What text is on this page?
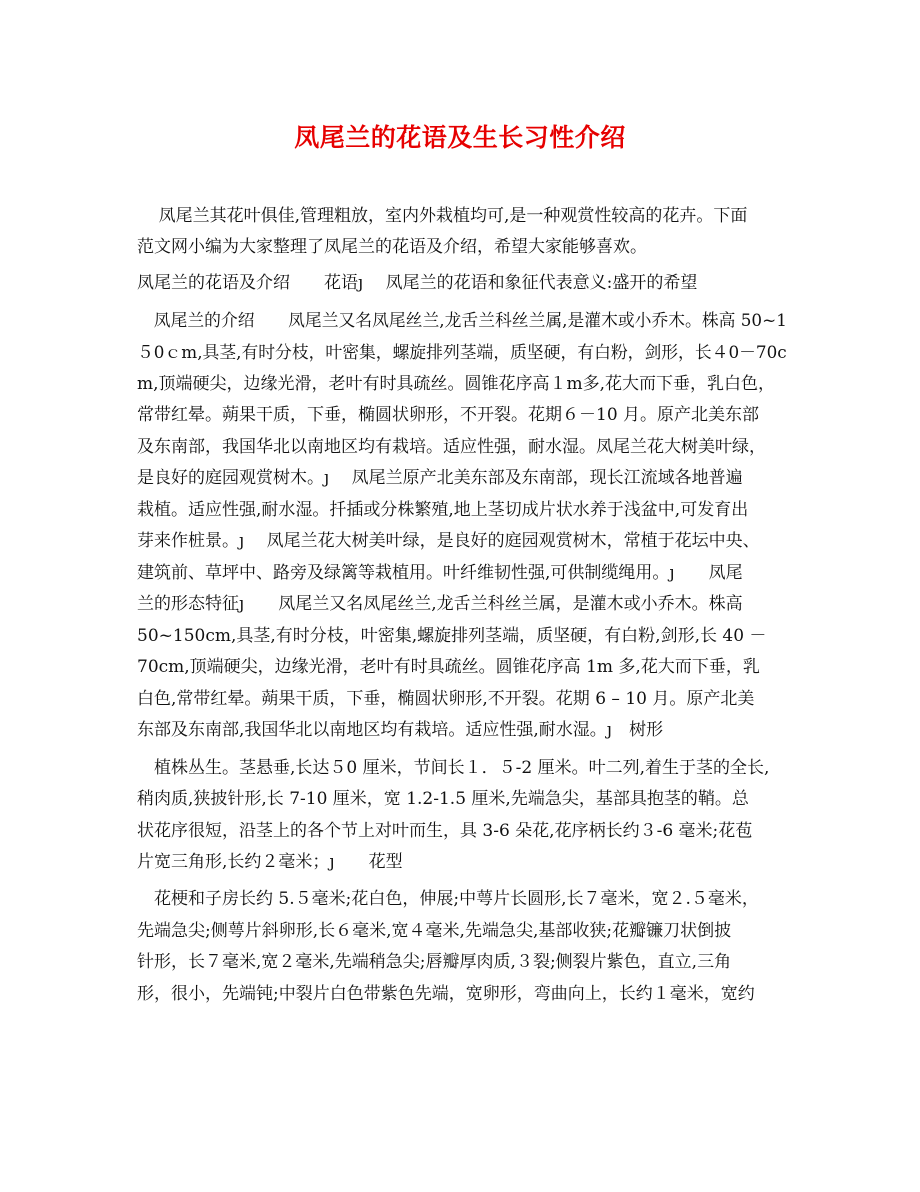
凤尾兰的花语及生长习性介绍
凤尾兰其花叶俱佳,管理粗放，室内外栽植均可,是一种观赏性较高的花卉。下面
范文网小编为大家整理了凤尾兰的花语及介绍，希望大家能够喜欢。
凤尾兰的花语及介绍　　花语ȷ　 凤尾兰的花语和象征代表意义:盛开的希望
　凤尾兰的介绍　　凤尾兰又名凤尾丝兰,龙舌兰科丝兰属,是灌木或小乔木。株高 50~1
５0ｃm,具茎,有时分枝，叶密集，螺旋排列茎端，质坚硬，有白粉，剑形，长４0－70c
m,顶端硬尖，边缘光滑，老叶有时具疏丝。圆锥花序高１m多,花大而下垂，乳白色，
常带红晕。蒴果干质，下垂，椭圆状卵形，不开裂。花期６－10 月。原产北美东部
及东南部，我国华北以南地区均有栽培。适应性强，耐水湿。凤尾兰花大树美叶绿，
是良好的庭园观赏树木。ȷ　 凤尾兰原产北美东部及东南部，现长江流域各地普遍
栽植。适应性强,耐水湿。扦插或分株繁殖,地上茎切成片状水养于浅盆中,可发育出
芽来作桩景。ȷ　 凤尾兰花大树美叶绿，是良好的庭园观赏树木，常植于花坛中央、
建筑前、草坪中、路旁及绿篱等栽植用。叶纤维韧性强,可供制缆绳用。ȷ　　凤尾
兰的形态特征ȷ　　凤尾兰又名凤尾丝兰,龙舌兰科丝兰属，是灌木或小乔木。株高
50~150cm,具茎,有时分枝，叶密集,螺旋排列茎端，质坚硬，有白粉,剑形,长 40 －
70cm,顶端硬尖，边缘光滑，老叶有时具疏丝。圆锥花序高 1m 多,花大而下垂，乳
白色,常带红晕。蒴果干质，下垂，椭圆状卵形,不开裂。花期 6 – 10 月。原产北美
东部及东南部,我国华北以南地区均有栽培。适应性强,耐水湿。ȷ　树形
　植株丛生。茎悬垂,长达５0 厘米，节间长１．５-2 厘米。叶二列,着生于茎的全长,
稍肉质,狭披针形,长 7-10 厘米，宽 1.2-1.5 厘米,先端急尖，基部具抱茎的鞘。总
状花序很短，沿茎上的各个节上对叶而生，具 3-6 朵花,花序柄长约３-6 毫米;花苞
片宽三角形,长约２毫米；ȷ　　花型
　花梗和子房长约 5.５毫米;花白色，伸展;中萼片长圆形,长７毫米，宽２.５毫米，
先端急尖;侧萼片斜卵形,长６毫米,宽４毫米,先端急尖,基部收狭;花瓣镰刀状倒披
针形，长７毫米,宽２毫米,先端稍急尖;唇瓣厚肉质,３裂;侧裂片紫色，直立,三角
形，很小，先端钝;中裂片白色带紫色先端，宽卵形，弯曲向上，长约１毫米，宽约
